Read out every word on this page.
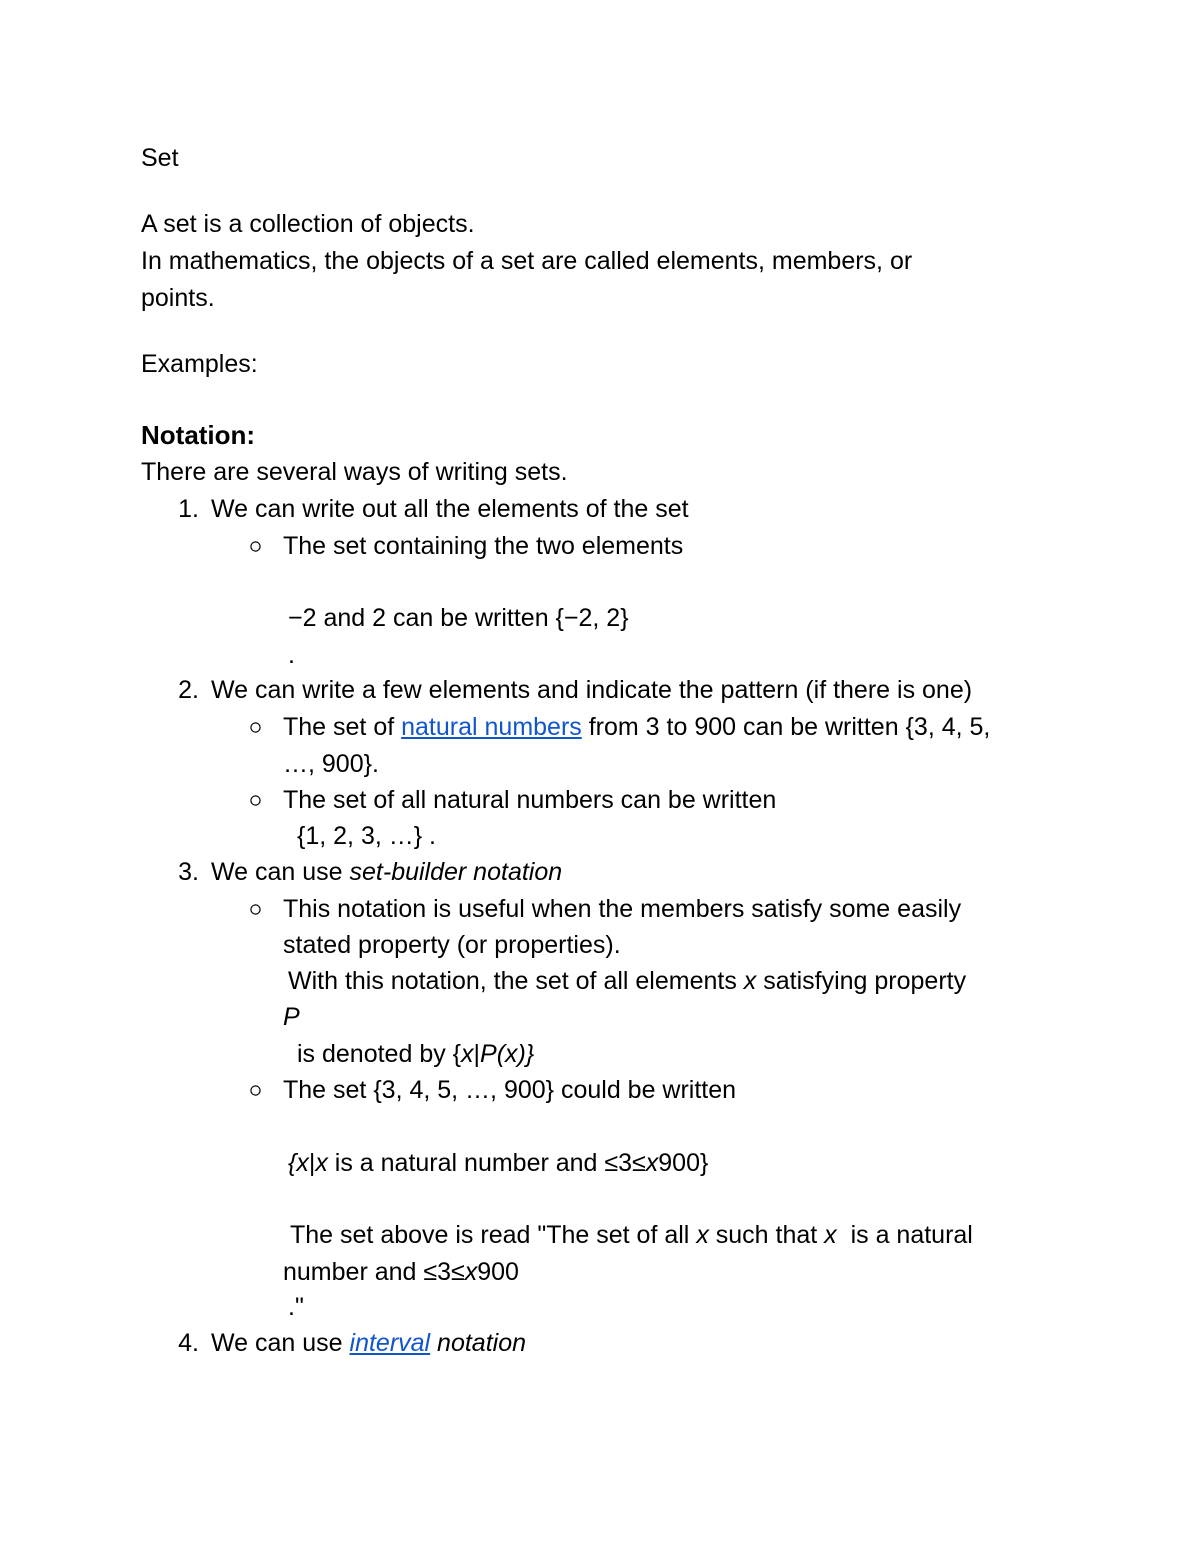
Set
A set is a collection of objects.
In mathematics, the objects of a set are called elements, members, or
points.
Examples:
Notation:
There are several ways of writing sets.
1. We can write out all the elements of the set
The set containing the two elements
−2 and 2 can be written {−2, 2}
.
2. We can write a few elements and indicate the pattern (if there is one)
The set of natural numbers from 3 to 900 can be written {3, 4, 5,
…, 900}.
The set of all natural numbers can be written
{1, 2, 3, …} .
3. We can use set-builder notation
This notation is useful when the members satisfy some easily
stated property (or properties).
With this notation, the set of all elements x satisfying property
P
is denoted by {x|P(x)}
The set {3, 4, 5, …, 900} could be written
{x|x is a natural number and ≤3≤x900}
The set above is read "The set of all x such that x  is a natural
number and ≤3≤x900
."
4. We can use interval notation
